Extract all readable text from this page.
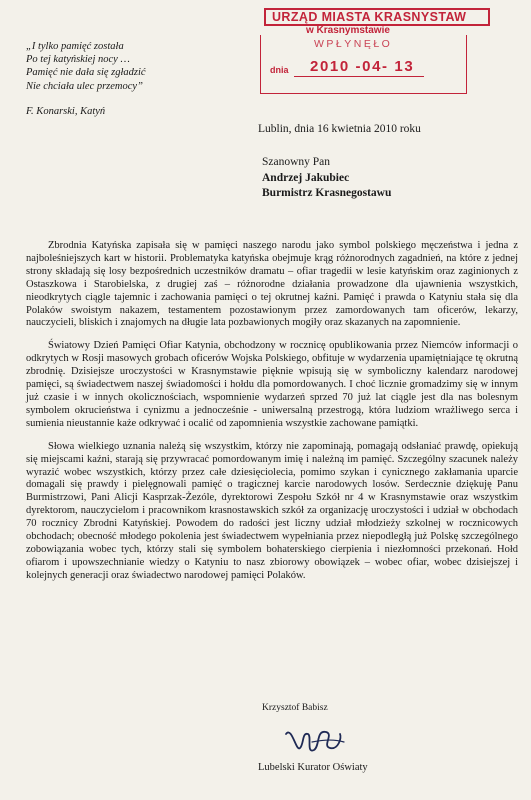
„I tylko pamięć została
Po tej katyńskiej nocy …
Pamięć nie dała się zgładzić
Nie chciała ulec przemocy”
F. Konarski, Katyń
URZĄD MIASTA KRASNYSTAW
w Krasnymstawie
WPŁYNĘŁO
dnia 2010 -04- 13
Lublin, dnia 16 kwietnia 2010 roku
Szanowny Pan
Andrzej Jakubiec
Burmistrz Krasnegostawu

Zbrodnia Katyńska zapisała się w pamięci naszego narodu jako symbol polskiego męczeństwa i jedna z najboleśniejszych kart w historii. Problematyka katyńska obejmuje krąg różnorodnych zagadnień, na które z jednej strony składają się losy bezpośrednich uczestników dramatu – ofiar tragedii w lesie katyńskim oraz zaginionych z Ostaszkowa i Starobielska, z drugiej zaś – różnorodne działania prowadzone dla ujawnienia wszystkich, nieodkrytych ciągle tajemnic i zachowania pamięci o tej okrutnej kaźni. Pamięć i prawda o Katyniu stała się dla Polaków swoistym nakazem, testamentem pozostawionym przez zamordowanych tam oficerów, lekarzy, nauczycieli, bliskich i znajomych na długie lata pozbawionych mogiły oraz skazanych na zapomnienie.

Światowy Dzień Pamięci Ofiar Katynia, obchodzony w rocznicę opublikowania przez Niemców informacji o odkrytych w Rosji masowych grobach oficerów Wojska Polskiego, obfituje w wydarzenia upamiętniające tę okrutną zbrodnię. Dzisiejsze uroczystości w Krasnymstawie pięknie wpisują się w symboliczny kalendarz narodowej pamięci, są świadectwem naszej świadomości i hołdu dla pomordowanych. I choć licznie gromadzimy się w innym już czasie i w innych okolicznościach, wspomnienie wydarzeń sprzed 70 już lat ciągle jest dla nas bolesnym symbolem okrucieństwa i cynizmu a jednocześnie - uniwersalną przestrogą, która ludziom wrażliwego serca i sumienia nieustannie każe odkrywać i ocalić od zapomnienia wszystkie zachowane pamiątki.

Słowa wielkiego uznania należą się wszystkim, którzy nie zapominają, pomagają odsłaniać prawdę, opiekują się miejscami kaźni, starają się przywracać pomordowanym imię i należną im pamięć. Szczególny szacunek należy wyrazić wobec wszystkich, którzy przez całe dziesięciolecia, pomimo szykan i cynicznego zakłamania uparcie domagali się prawdy i pielęgnowali pamięć o tragicznej karcie narodowych losów. Serdecznie dziękuję Panu Burmistrzowi, Pani Alicji Kasprzak-Żezóle, dyrektorowi Zespołu Szkół nr 4 w Krasnymstawie oraz wszystkim dyrektorom, nauczycielom i pracownikom krasnostawskich szkół za organizację uroczystości i udział w obchodach 70 rocznicy Zbrodni Katyńskiej. Powodem do radości jest liczny udział młodzieży szkolnej w rocznicowych obchodach; obecność młodego pokolenia jest świadectwem wypełniania przez niepodległą już Polskę szczególnego zobowiązania wobec tych, którzy stali się symbolem bohaterskiego cierpienia i niezłomności przekonań. Hołd ofiarom i upowszechnianie wiedzy o Katyniu to nasz zbiorowy obowiązek – wobec ofiar, wobec dzisiejszej i kolejnych generacji oraz świadectwo narodowej pamięci Polaków.

Krzysztof Babisz
Lubelski Kurator Oświaty
